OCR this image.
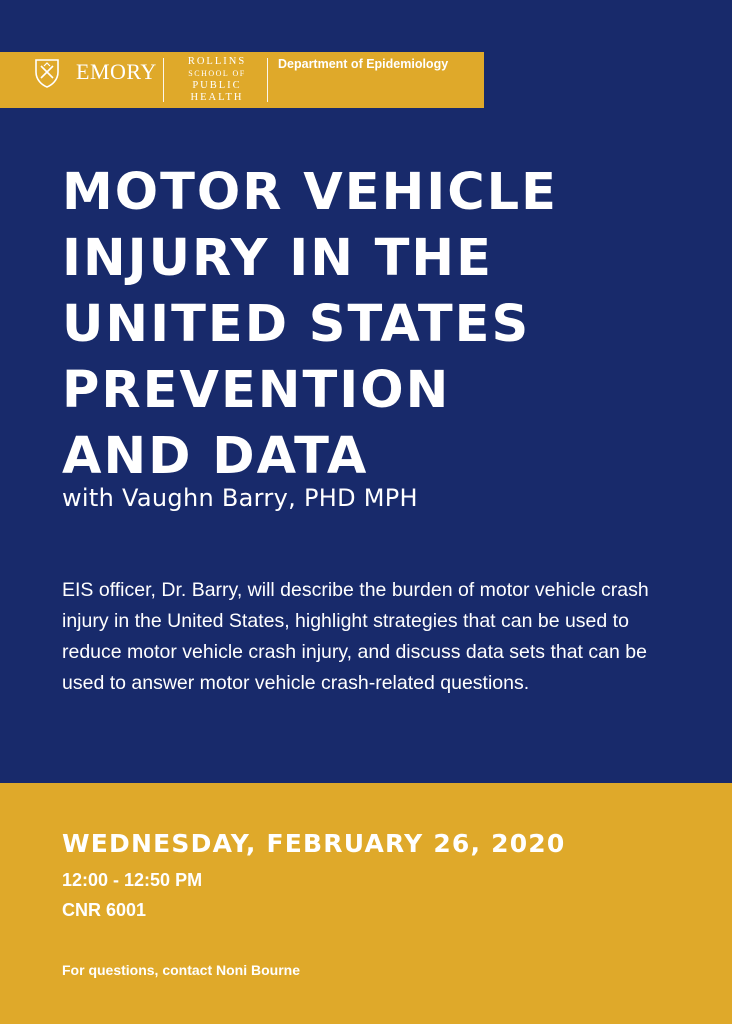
EMORY	ROLLINS
SCHOOL OF
PUBLIC
HEALTH
Department of Epidemiology
MOTOR VEHICLE
INJURY IN THE
UNITED STATES
PREVENTION
AND DATA
with Vaughn Barry, PHD MPH
EIS officer, Dr. Barry, will describe the burden of motor vehicle crash injury in the United States, highlight strategies that can be used to reduce motor vehicle crash injury, and discuss data sets that can be used to answer motor vehicle crash-related questions.
WEDNESDAY, FEBRUARY 26, 2020
12:00 - 12:50 PM
CNR 6001
For questions, contact Noni Bourne
